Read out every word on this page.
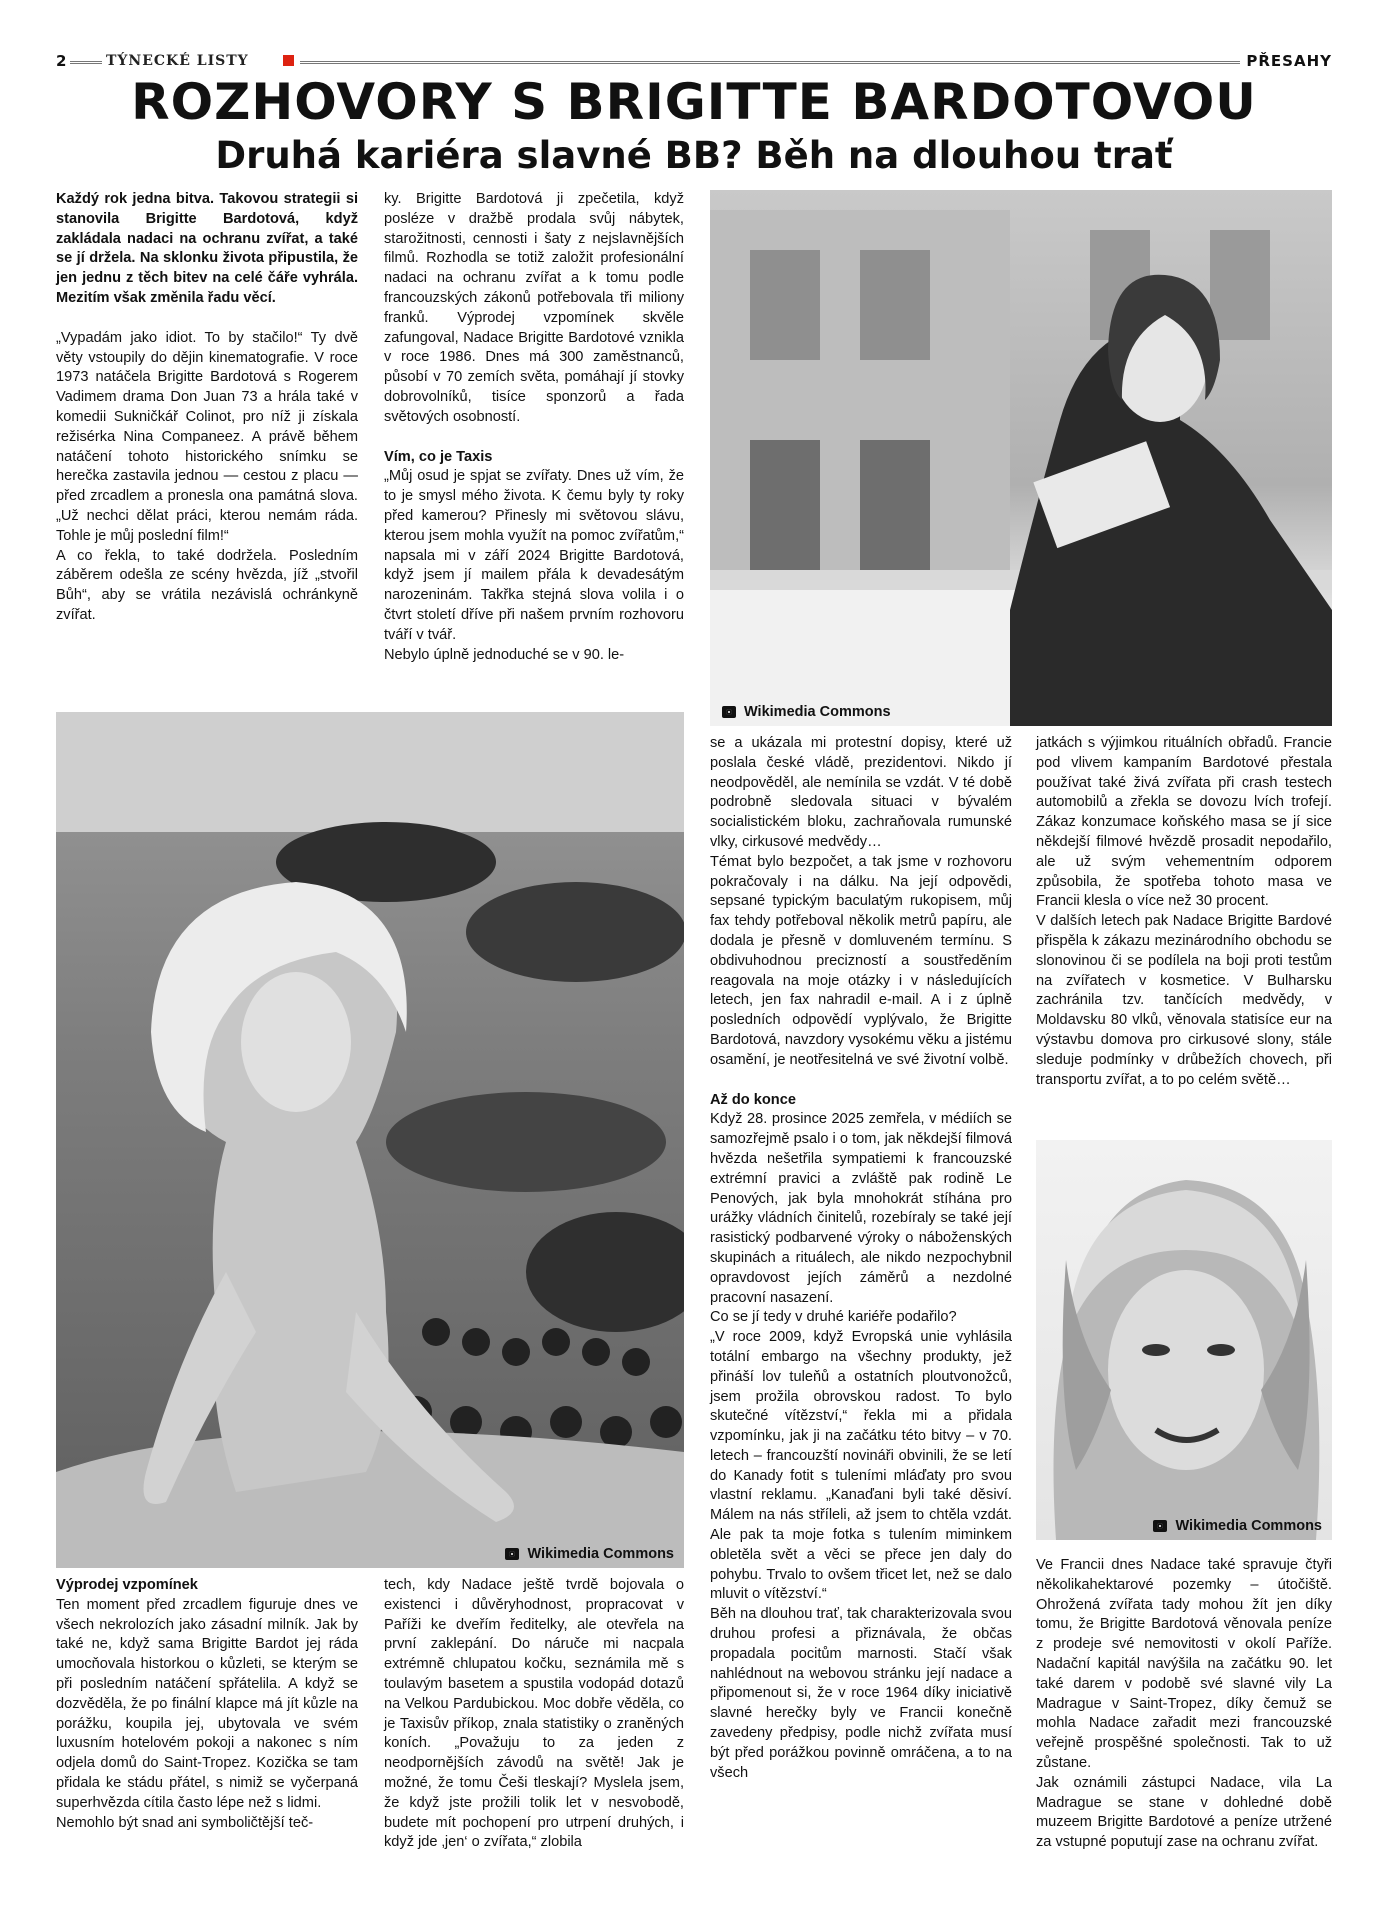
2	TÝNECKÉ LISTY	PŘESAHY
ROZHOVORY S BRIGITTE BARDOTOVOU
Druhá kariéra slavné BB? Běh na dlouhou trať

Každý rok jedna bitva. Takovou strategii si stanovila Brigitte Bardotová, když zakládala nadaci na ochranu zvířat, a také se jí držela. Na sklonku života připustila, že jen jednu z těch bitev na celé čáře vyhrála. Mezitím však změnila řadu věcí.

„Vypadám jako idiot. To by stačilo!“ Ty dvě věty vstoupily do dějin kinematografie. V roce 1973 natáčela Brigitte Bardotová s Rogerem Vadimem drama Don Juan 73 a hrála také v komedii Sukničkář Colinot, pro níž ji získala režisérka Nina Companeez. A právě během natáčení tohoto historického snímku se herečka zastavila jednou — cestou z placu — před zrcadlem a pronesla ona památná slova. „Už nechci dělat práci, kterou nemám ráda. Tohle je můj poslední film!“

A co řekla, to také dodržela. Posledním záběrem odešla ze scény hvězda, jíž „stvořil Bůh“, aby se vrátila nezávislá ochránkyně zvířat.

ky. Brigitte Bardotová ji zpečetila, když posléze v dražbě prodala svůj nábytek, starožitnosti, cennosti i šaty z nejslavnějších filmů. Rozhodla se totiž založit profesionální nadaci na ochranu zvířat a k tomu podle francouzských zákonů potřebovala tři miliony franků. Výprodej vzpomínek skvěle zafungoval, Nadace Brigitte Bardotové vznikla v roce 1986. Dnes má 300 zaměstnanců, působí v 70 zemích světa, pomáhají jí stovky dobrovolníků, tisíce sponzorů a řada světových osobností.

Vím, co je Taxis

„Můj osud je spjat se zvířaty. Dnes už vím, že to je smysl mého života. K čemu byly ty roky před kamerou? Přinesly mi světovou slávu, kterou jsem mohla využít na pomoc zvířatům,“ napsala mi v září 2024 Brigitte Bardotová, když jsem jí mailem přála k devadesátým narozeninám. Takřka stejná slova volila i o čtvrt století dříve při našem prvním rozhovoru tváří v tvář.

Nebylo úplně jednoduché se v 90. le-

Wikimedia Commons
Wikimedia Commons

se a ukázala mi protestní dopisy, které už poslala české vládě, prezidentovi. Nikdo jí neodpověděl, ale nemínila se vzdát. V té době podrobně sledovala situaci v bývalém socialistickém bloku, zachraňovala rumunské vlky, cirkusové medvědy…

Témat bylo bezpočet, a tak jsme v rozhovoru pokračovaly i na dálku. Na její odpovědi, sepsané typickým baculatým rukopisem, můj fax tehdy potřeboval několik metrů papíru, ale dodala je přesně v domluveném termínu. S obdivuhodnou precizností a soustředěním reagovala na moje otázky i v následujících letech, jen fax nahradil e-mail. A i z úplně posledních odpovědí vyplývalo, že Brigitte Bardotová, navzdory vysokému věku a jistému osamění, je neotřesitelná ve své životní volbě.

Až do konce

Když 28. prosince 2025 zemřela, v médiích se samozřejmě psalo i o tom, jak někdejší filmová hvězda nešetřila sympatiemi k francouzské extrémní pravici a zvláště pak rodině Le Penových, jak byla mnohokrát stíhána pro urážky vládních činitelů, rozebíraly se také její rasistický podbarvené výroky o náboženských skupinách a rituálech, ale nikdo nezpochybnil opravdovost jejích záměrů a nezdolné pracovní nasazení.

Co se jí tedy v druhé kariéře podařilo?

„V roce 2009, když Evropská unie vyhlásila totální embargo na všechny produkty, jež přináší lov tuleňů a ostatních ploutvonožců, jsem prožila obrovskou radost. To bylo skutečné vítězství,“ řekla mi a přidala vzpomínku, jak ji na začátku této bitvy – v 70. letech – francouzští novináři obvinili, že se letí do Kanady fotit s tuleními mláďaty pro svou vlastní reklamu. „Kanaďani byli také děsiví. Málem na nás stříleli, až jsem to chtěla vzdát. Ale pak ta moje fotka s tulením miminkem obletěla svět a věci se přece jen daly do pohybu. Trvalo to ovšem třicet let, než se dalo mluvit o vítězství.“

Běh na dlouhou trať, tak charakterizovala svou druhou profesi a přiznávala, že občas propadala pocitům marnosti. Stačí však nahlédnout na webovou stránku její nadace a připomenout si, že v roce 1964 díky iniciativě slavné herečky byly ve Francii konečně zavedeny předpisy, podle nichž zvířata musí být před porážkou povinně omráčena, a to na všech

jatkách s výjimkou rituálních obřadů. Francie pod vlivem kampaním Bardotové přestala používat také živá zvířata při crash testech automobilů a zřekla se dovozu lvích trofejí. Zákaz konzumace koňského masa se jí sice někdejší filmové hvězdě prosadit nepodařilo, ale už svým vehementním odporem způsobila, že spotřeba tohoto masa ve Francii klesla o více než 30 procent.

V dalších letech pak Nadace Brigitte Bardové přispěla k zákazu mezinárodního obchodu se slonovinou či se podílela na boji proti testům na zvířatech v kosmetice. V Bulharsku zachránila tzv. tančících medvědy, v Moldavsku 80 vlků, věnovala statisíce eur na výstavbu domova pro cirkusové slony, stále sleduje podmínky v drůbežích chovech, při transportu zvířat, a to po celém světě…

Wikimedia Commons

Ve Francii dnes Nadace také spravuje čtyři několikahektarové pozemky – útočiště. Ohrožená zvířata tady mohou žít jen díky tomu, že Brigitte Bardotová věnovala peníze z prodeje své nemovitosti v okolí Paříže. Nadační kapitál navýšila na začátku 90. let také darem v podobě své slavné vily La Madrague v Saint-Tropez, díky čemuž se mohla Nadace zařadit mezi francouzské veřejně prospěšné společnosti. Tak to už zůstane.

Jak oznámili zástupci Nadace, vila La Madrague se stane v dohledné době muzeem Brigitte Bardotové a peníze utržené za vstupné poputují zase na ochranu zvířat.

Výprodej vzpomínek

Ten moment před zrcadlem figuruje dnes ve všech nekrolozích jako zásadní milník. Jak by také ne, když sama Brigitte Bardot jej ráda umocňovala historkou o kůzleti, se kterým se při posledním natáčení spřátelila. A když se dozvěděla, že po finální klapce má jít kůzle na porážku, koupila jej, ubytovala ve svém luxusním hotelovém pokoji a nakonec s ním odjela domů do Saint-Tropez. Kozička se tam přidala ke stádu přátel, s nimiž se vyčerpaná superhvězda cítila často lépe než s lidmi.

Nemohlo být snad ani symboličtější teč-

tech, kdy Nadace ještě tvrdě bojovala o existenci i důvěryhodnost, propracovat v Paříži ke dveřím ředitelky, ale otevřela na první zaklepání. Do náruče mi nacpala extrémně chlupatou kočku, seznámila mě s toulavým basetem a spustila vodopád dotazů na Velkou Pardubickou. Moc dobře věděla, co je Taxisův příkop, znala statistiky o zraněných koních. „Považuju to za jeden z neodpornějších závodů na světě! Jak je možné, že tomu Češi tleskají? Myslela jsem, že když jste prožili tolik let v nesvobodě, budete mít pochopení pro utrpení druhých, i když jde ‚jen‘ o zvířata,“ zlobila
